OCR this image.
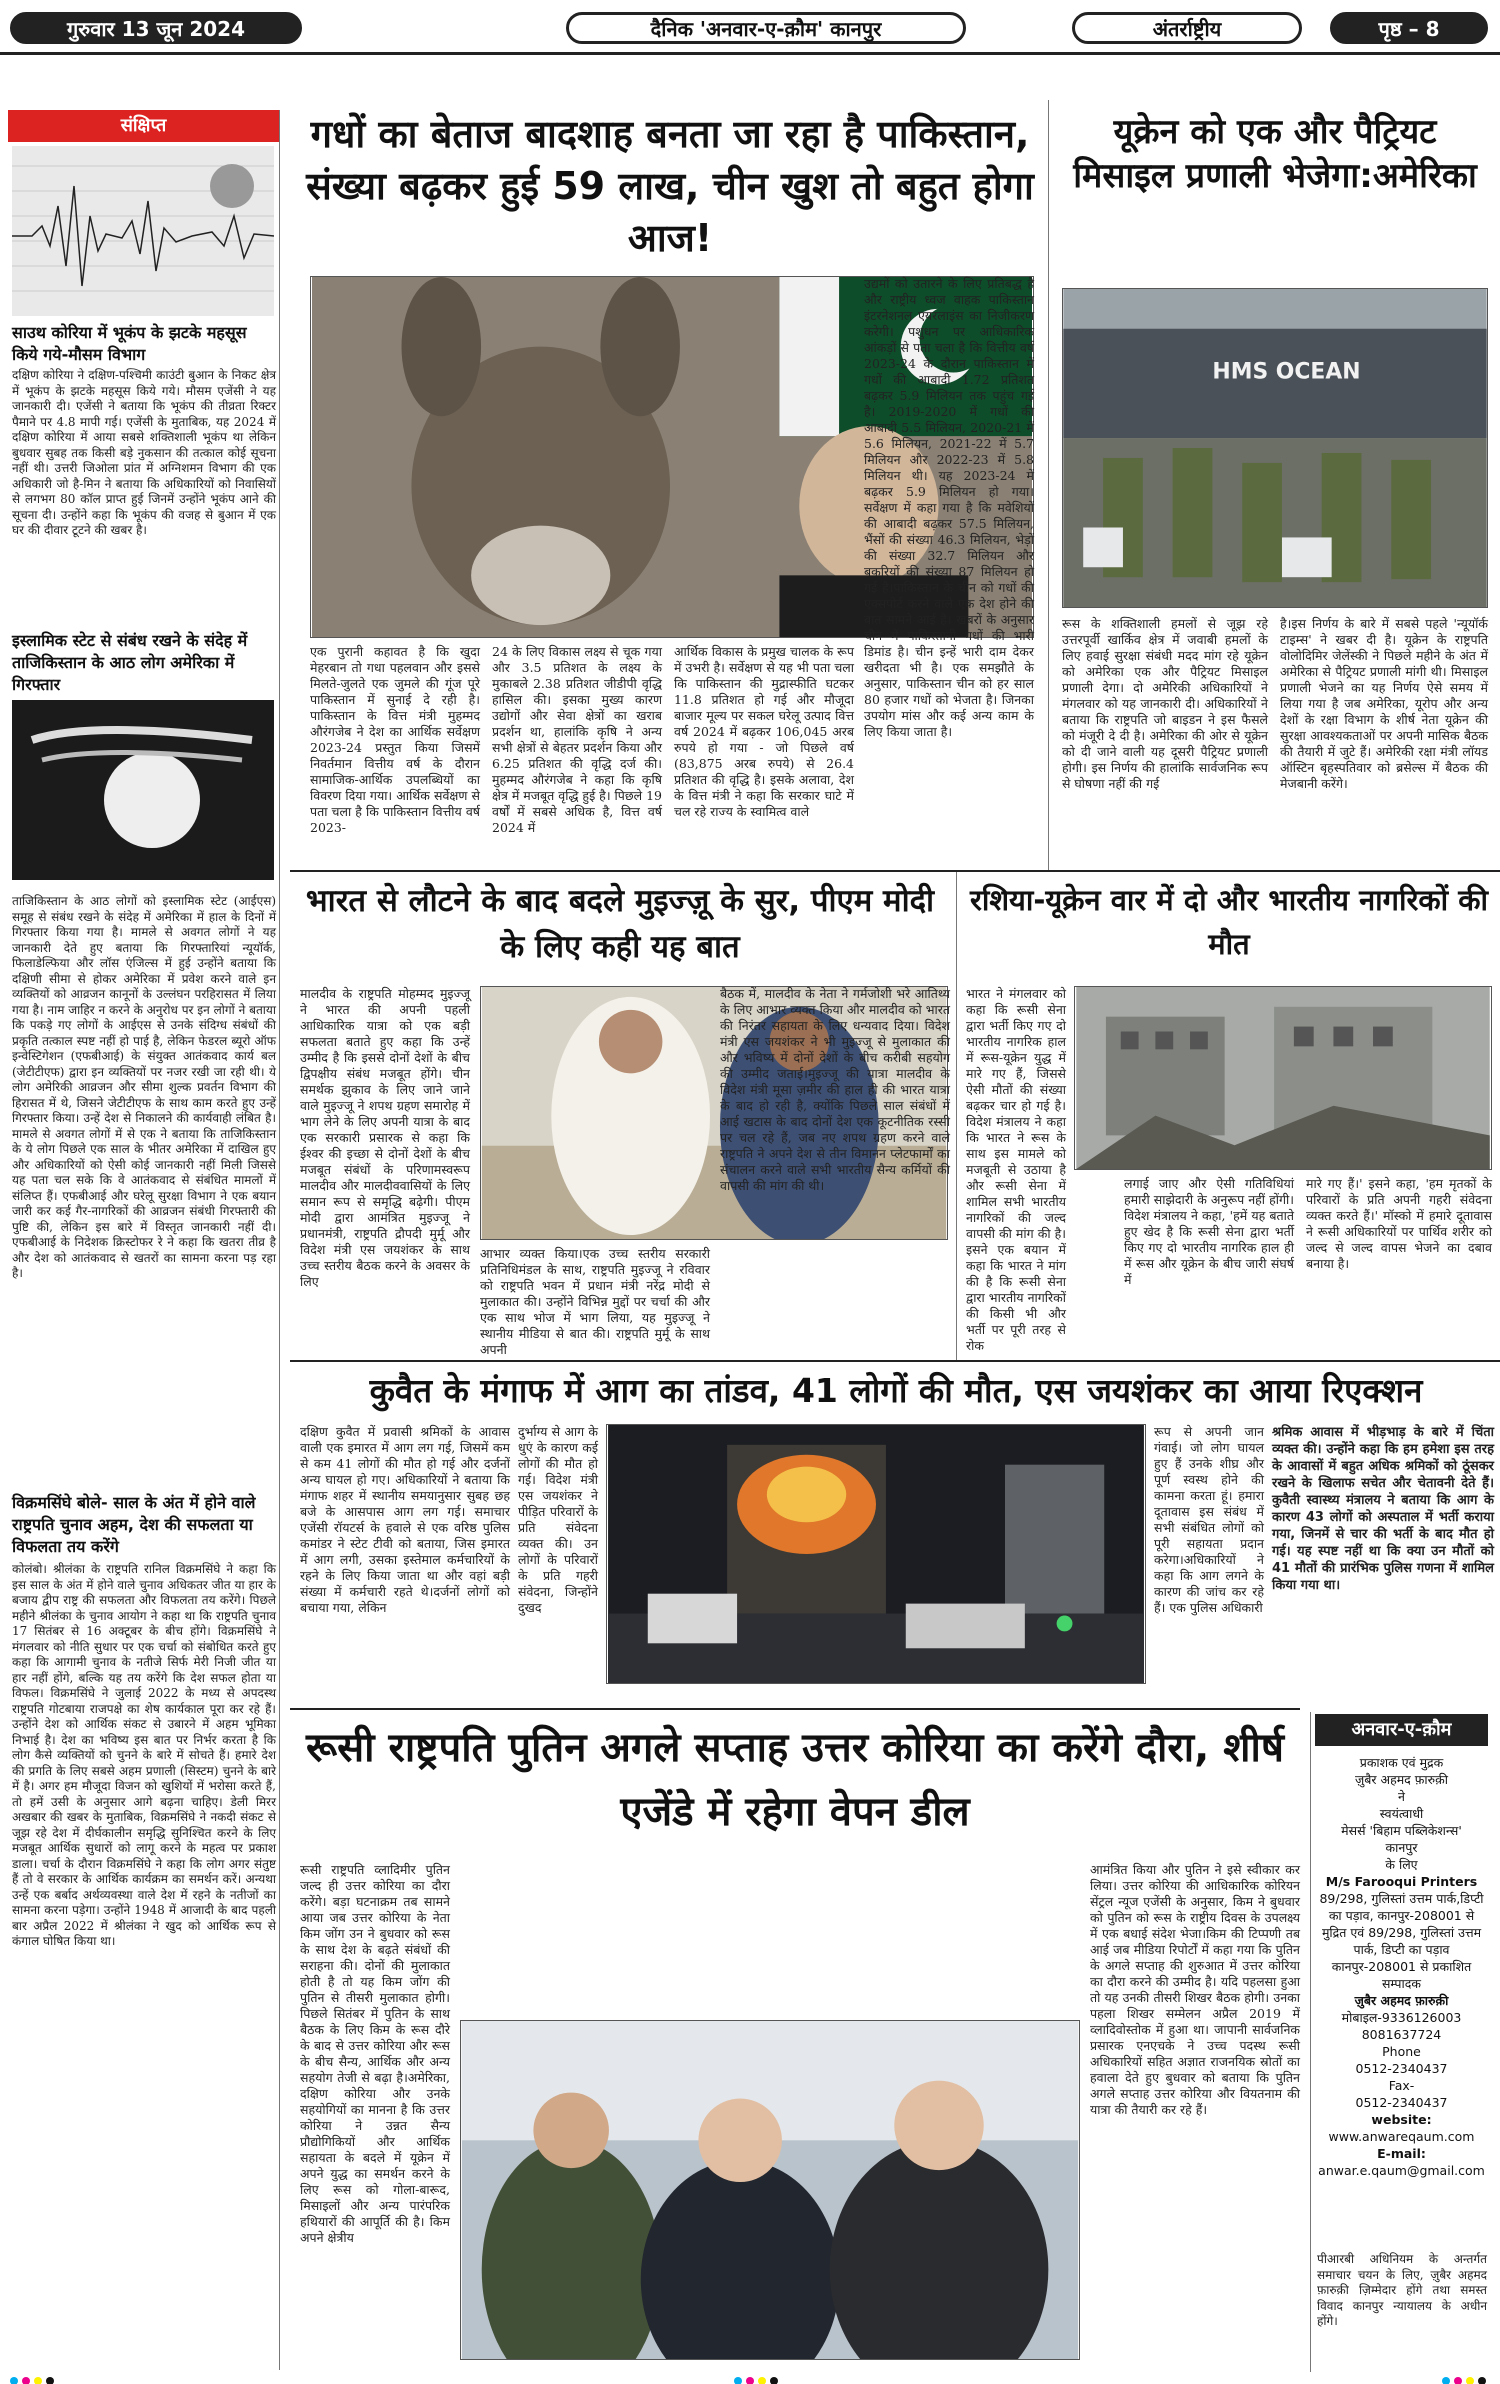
गुरुवार 13 जून 2024	दैनिक 'अनवार-ए-क़ौम' कानपुर	अंतर्राष्ट्रीय	पृष्ठ – 8
संक्षिप्त
साउथ कोरिया में भूकंप के झटके महसूस किये गये-मौसम विभाग
दक्षिण कोरिया ने दक्षिण-पश्चिमी काउंटी बुआन के निकट क्षेत्र में भूकंप के झटके महसूस किये गये। मौसम एजेंसी ने यह जानकारी दी। एजेंसी ने बताया कि भूकंप की तीव्रता रिक्टर पैमाने पर 4.8 मापी गई। एजेंसी के मुताबिक, यह 2024 में दक्षिण कोरिया में आया सबसे शक्तिशाली भूकंप था लेकिन बुधवार सुबह तक किसी बड़े नुकसान की तत्काल कोई सूचना नहीं थी। उत्तरी जिओला प्रांत में अग्निशमन विभाग की एक अधिकारी जो है-मिन ने बताया कि अधिकारियों को निवासियों से लगभग 80 कॉल प्राप्त हुई जिनमें उन्होंने भूकंप आने की सूचना दी। उन्होंने कहा कि भूकंप की वजह से बुआन में एक घर की दीवार टूटने की खबर है।
इस्लामिक स्टेट से संबंध रखने के संदेह में ताजिकिस्तान के आठ लोग अमेरिका में गिरफ्तार
ताजिकिस्तान के आठ लोगों को इस्लामिक स्टेट (आईएस) समूह से संबंध रखने के संदेह में अमेरिका में हाल के दिनों में गिरफ्तार किया गया है। मामले से अवगत लोगों ने यह जानकारी देते हुए बताया कि गिरफ्तारियां न्यूयॉर्क, फिलाडेल्फिया और लॉस एंजिल्स में हुई उन्होंने बताया कि दक्षिणी सीमा से होकर अमेरिका में प्रवेश करने वाले इन व्यक्तियों को आव्रजन कानूनों के उल्लंघन परहिरासत में लिया गया है। नाम जाहिर न करने के अनुरोध पर इन लोगों ने बताया कि पकड़े गए लोगों के आईएस से उनके संदिग्ध संबंधों की प्रकृति तत्काल स्पष्ट नहीं हो पाई है, लेकिन फेडरल ब्यूरो ऑफ इन्वेस्टिगेशन (एफबीआई) के संयुक्त आतंकवाद कार्य बल (जेटीटीएफ) द्वारा इन व्यक्तियों पर नजर रखी जा रही थी। ये लोग अमेरिकी आव्रजन और सीमा शुल्क प्रवर्तन विभाग की हिरासत में थे, जिसने जेटीटीएफ के साथ काम करते हुए उन्हें गिरफ्तार किया। उन्हें देश से निकालने की कार्यवाही लंबित है। मामले से अवगत लोगों में से एक ने बताया कि ताजिकिस्तान के ये लोग पिछले एक साल के भीतर अमेरिका में दाखिल हुए और अधिकारियों को ऐसी कोई जानकारी नहीं मिली जिससे यह पता चल सके कि वे आतंकवाद से संबंधित मामलों में संलिप्त हैं। एफबीआई और घरेलू सुरक्षा विभाग ने एक बयान जारी कर कई गैर-नागरिकों की आव्रजन संबंधी गिरफ्तारी की पुष्टि की, लेकिन इस बारे में विस्तृत जानकारी नहीं दी। एफबीआई के निदेशक क्रिस्टोफर रे ने कहा कि खतरा तीव्र है और देश को आतंकवाद से खतरों का सामना करना पड़ रहा है।
विक्रमसिंघे बोले- साल के अंत में होने वाले राष्ट्रपति चुनाव अहम, देश की सफलता या विफलता तय करेंगे
कोलंबो। श्रीलंका के राष्ट्रपति रानिल विक्रमसिंघे ने कहा कि इस साल के अंत में होने वाले चुनाव अधिकतर जीत या हार के बजाय द्वीप राष्ट्र की सफलता और विफलता तय करेंगे। पिछले महीने श्रीलंका के चुनाव आयोग ने कहा था कि राष्ट्रपति चुनाव 17 सितंबर से 16 अक्टूबर के बीच होंगे। विक्रमसिंघे ने मंगलवार को नीति सुधार पर एक चर्चा को संबोधित करते हुए कहा कि आगामी चुनाव के नतीजे सिर्फ मेरी निजी जीत या हार नहीं होंगे, बल्कि यह तय करेंगे कि देश सफल होता या विफल। विक्रमसिंघे ने जुलाई 2022 के मध्य से अपदस्थ राष्ट्रपति गोटबाया राजपक्षे का शेष कार्यकाल पूरा कर रहे हैं। उन्होंने देश को आर्थिक संकट से उबारने में अहम भूमिका निभाई है। देश का भविष्य इस बात पर निर्भर करता है कि लोग कैसे व्यक्तियों को चुनने के बारे में सोचते हैं। हमारे देश की प्रगति के लिए सबसे अहम प्रणाली (सिस्टम) चुनने के बारे में है। अगर हम मौजूदा विजन को खुशियों में भरोसा करते हैं, तो हमें उसी के अनुसार आगे बढ़ना चाहिए। डेली मिरर अखबार की खबर के मुताबिक, विक्रमसिंघे ने नकदी संकट से जूझ रहे देश में दीर्घकालीन समृद्धि सुनिश्चित करने के लिए मजबूत आर्थिक सुधारों को लागू करने के महत्व पर प्रकाश डाला। चर्चा के दौरान विक्रमसिंघे ने कहा कि लोग अगर संतुष्ट हैं तो वे सरकार के आर्थिक कार्यक्रम का समर्थन करें। अन्यथा उन्हें एक बर्बाद अर्थव्यवस्था वाले देश में रहने के नतीजों का सामना करना पड़ेगा। उन्होंने 1948 में आजादी के बाद पहली बार अप्रैल 2022 में श्रीलंका ने खुद को आर्थिक रूप से कंगाल घोषित किया था।
गधों का बेताज बादशाह बनता जा रहा है पाकिस्तान, संख्या बढ़कर हुई 59 लाख, चीन खुश तो बहुत होगा आज!
एक पुरानी कहावत है कि खुदा मेहरबान तो गधा पहलवान और इससे मिलते-जुलते एक जुमले की गूंज पूरे पाकिस्तान में सुनाई दे रही है। पाकिस्तान के वित्त मंत्री मुहम्मद औरंगजेब ने देश का आर्थिक सर्वेक्षण 2023-24 प्रस्तुत किया जिसमें निवर्तमान वित्तीय वर्ष के दौरान सामाजिक-आर्थिक उपलब्धियों का विवरण दिया गया। आर्थिक सर्वेक्षण से पता चला है कि पाकिस्तान वित्तीय वर्ष 2023-
24 के लिए विकास लक्ष्य से चूक गया और 3.5 प्रतिशत के लक्ष्य के मुकाबले 2.38 प्रतिशत जीडीपी वृद्धि हासिल की। इसका मुख्य कारण उद्योगों और सेवा क्षेत्रों का खराब प्रदर्शन था, हालांकि कृषि ने अन्य सभी क्षेत्रों से बेहतर प्रदर्शन किया और 6.25 प्रतिशत की वृद्धि दर्ज की।मुहम्मद औरंगजेब ने कहा कि कृषि क्षेत्र में मजबूत वृद्धि हुई है। पिछले 19 वर्षों में सबसे अधिक है, वित्त वर्ष 2024 में
आर्थिक विकास के प्रमुख चालक के रूप में उभरी है। सर्वेक्षण से यह भी पता चला कि पाकिस्तान की मुद्रास्फीति घटकर 11.8 प्रतिशत हो गई और मौजूदा बाजार मूल्य पर सकल घरेलू उत्पाद वित्त वर्ष 2024 में बढ़कर 106,045 अरब रुपये हो गया - जो पिछले वर्ष (83,875 अरब रुपये) से 26.4 प्रतिशत की वृद्धि है। इसके अलावा, देश के वित्त मंत्री ने कहा कि सरकार घाटे में चल रहे राज्य के स्वामित्व वाले
उद्यमों को उतारने के लिए प्रतिबद्ध है और राष्ट्रीय ध्वज वाहक पाकिस्तान इंटरनेशनल एयरलाइंस का निजीकरण करेगी। पशुधन पर आधिकारिक आंकड़ों से पता चला है कि वित्तीय वर्ष 2023-24 के दौरान पाकिस्तान में गधों की आबादी 1.72 प्रतिशत बढ़कर 5.9 मिलियन तक पहुंच गई है। 2019-2020 में गधों की आबादी 5.5 मिलियन, 2020-21 में 5.6 मिलियन, 2021-22 में 5.7 मिलियन और 2022-23 में 5.8 मिलियन थी। यह 2023-24 में बढ़कर 5.9 मिलियन हो गया। सर्वेक्षण में कहा गया है कि मवेशियों की आबादी बढ़कर 57.5 मिलियन, भैंसों की संख्या 46.3 मिलियन, भेड़ों की संख्या 32.7 मिलियन और बकरियों की संख्या 87 मिलियन हो गई है।पाकिस्तान के चीन को गधों की एक्सपोर्ट करने वाले एक देश होने की बात सामने आई है। खबरों के अनुसार चीन में पाकिस्तानी गधों की भारी डिमांड है। चीन इन्हें भारी दाम देकर खरीदता भी है। एक समझौते के अनुसार, पाकिस्तान चीन को हर साल 80 हजार गधों को भेजता है। जिनका उपयोग मांस और कई अन्य काम के लिए किया जाता है।
यूक्रेन को एक और पैट्रियट मिसाइल प्रणाली भेजेगा:अमेरिका
HMS OCEAN
रूस के शक्तिशाली हमलों से जूझ रहे उत्तरपूर्वी खार्किव क्षेत्र में जवाबी हमलों के लिए हवाई सुरक्षा संबंधी मदद मांग रहे यूक्रेन को अमेरिका एक और पैट्रियट मिसाइल प्रणाली देगा। दो अमेरिकी अधिकारियों ने मंगलवार को यह जानकारी दी। अधिकारियों ने बताया कि राष्ट्रपति जो बाइडन ने इस फैसले को मंजूरी दे दी है। अमेरिका की ओर से यूक्रेन को दी जाने वाली यह दूसरी पैट्रियट प्रणाली होगी। इस निर्णय की हालांकि सार्वजनिक रूप से घोषणा नहीं की गई
है।इस निर्णय के बारे में सबसे पहले 'न्यूयॉर्क टाइम्स' ने खबर दी है। यूक्रेन के राष्ट्रपति वोलोदिमिर जेलेंस्की ने पिछले महीने के अंत में अमेरिका से पैट्रियट प्रणाली मांगी थी। मिसाइल प्रणाली भेजने का यह निर्णय ऐसे समय में लिया गया है जब अमेरिका, यूरोप और अन्य देशों के रक्षा विभाग के शीर्ष नेता यूक्रेन की सुरक्षा आवश्यकताओं पर अपनी मासिक बैठक की तैयारी में जुटे हैं। अमेरिकी रक्षा मंत्री लॉयड ऑस्टिन बृहस्पतिवार को ब्रसेल्स में बैठक की मेजबानी करेंगे।
भारत से लौटने के बाद बदले मुइज्ज़ू के सुर, पीएम मोदी के लिए कही यह बात
मालदीव के राष्ट्रपति मोहम्मद मुइज्जू ने भारत की अपनी पहली आधिकारिक यात्रा को एक बड़ी सफलता बताते हुए कहा कि उन्हें उम्मीद है कि इससे दोनों देशों के बीच द्विपक्षीय संबंध मजबूत होंगे। चीन समर्थक झुकाव के लिए जाने जाने वाले मुइज्जू ने शपथ ग्रहण समारोह में भाग लेने के लिए अपनी यात्रा के बाद एक सरकारी प्रसारक से कहा कि ईश्वर की इच्छा से दोनों देशों के बीच मजबूत संबंधों के परिणामस्वरूप मालदीव और मालदीववासियों के लिए समान रूप से समृद्धि बढ़ेगी। पीएम मोदी द्वारा आमंत्रित मुइज्जू ने प्रधानमंत्री, राष्ट्रपति द्रौपदी मुर्मू और विदेश मंत्री एस जयशंकर के साथ उच्च स्तरीय बैठक करने के अवसर के लिए
आभार व्यक्त किया।एक उच्च स्तरीय सरकारी प्रतिनिधिमंडल के साथ, राष्ट्रपति मुइज्जू ने रविवार को राष्ट्रपति भवन में प्रधान मंत्री नरेंद्र मोदी से मुलाकात की। उन्होंने विभिन्न मुद्दों पर चर्चा की और एक साथ भोज में भाग लिया, यह मुइज्जू ने स्थानीय मीडिया से बात की। राष्ट्रपति मुर्मू के साथ अपनी
बैठक में, मालदीव के नेता ने गर्मजोशी भरे आतिथ्य के लिए आभार व्यक्त किया और मालदीव को भारत की निरंतर सहायता के लिए धन्यवाद दिया। विदेश मंत्री एस जयशंकर ने भी मुइज्जू से मुलाकात की और भविष्य में दोनों देशों के बीच करीबी सहयोग की उम्मीद जताई।मुइज्जू की यात्रा मालदीव के विदेश मंत्री मूसा ज़मीर की हाल ही की भारत यात्रा के बाद हो रही है, क्योंकि पिछले साल संबंधों में आई खटास के बाद दोनों देश एक कूटनीतिक रस्सी पर चल रहे हैं, जब नए शपथ ग्रहण करने वाले राष्ट्रपति ने अपने देश से तीन विमानन प्लेटफार्मों का संचालन करने वाले सभी भारतीय सैन्य कर्मियों की वापसी की मांग की थी।
रशिया-यूक्रेन वार में दो और भारतीय नागरिकों की मौत
भारत ने मंगलवार को कहा कि रूसी सेना द्वारा भर्ती किए गए दो भारतीय नागरिक हाल में रूस-यूक्रेन युद्ध में मारे गए हैं, जिससे ऐसी मौतों की संख्या बढ़कर चार हो गई है। विदेश मंत्रालय ने कहा कि भारत ने रूस के साथ इस मामले को मजबूती से उठाया है और रूसी सेना में शामिल सभी भारतीय नागरिकों की जल्द वापसी की मांग की है। इसने एक बयान में कहा कि भारत ने मांग की है कि रूसी सेना द्वारा भारतीय नागरिकों की किसी भी और भर्ती पर पूरी तरह से रोक
लगाई जाए और ऐसी गतिविधियां हमारी साझेदारी के अनुरूप नहीं होंगी।विदेश मंत्रालय ने कहा, 'हमें यह बताते हुए खेद है कि रूसी सेना द्वारा भर्ती किए गए दो भारतीय नागरिक हाल ही में रूस और यूक्रेन के बीच जारी संघर्ष में
मारे गए हैं।' इसने कहा, 'हम मृतकों के परिवारों के प्रति अपनी गहरी संवेदना व्यक्त करते हैं।' मॉस्को में हमारे दूतावास ने रूसी अधिकारियों पर पार्थिव शरीर को जल्द से जल्द वापस भेजने का दबाव बनाया है।
कुवैत के मंगाफ में आग का तांडव, 41 लोगों की मौत, एस जयशंकर का आया रिएक्शन
दक्षिण कुवैत में प्रवासी श्रमिकों के आवास वाली एक इमारत में आग लग गई, जिसमें कम से कम 41 लोगों की मौत हो गई और दर्जनों अन्य घायल हो गए। अधिकारियों ने बताया कि मंगाफ शहर में स्थानीय समयानुसार सुबह छह बजे के आसपास आग लग गई। समाचार एजेंसी रॉयटर्स के हवाले से एक वरिष्ठ पुलिस कमांडर ने स्टेट टीवी को बताया, जिस इमारत में आग लगी, उसका इस्तेमाल कर्मचारियों के रहने के लिए किया जाता था और वहां बड़ी संख्या में कर्मचारी रहते थे।दर्जनों लोगों को बचाया गया, लेकिन
दुर्भाग्य से आग के धुएं के कारण कई लोगों की मौत हो गई। विदेश मंत्री एस जयशंकर ने पीड़ित परिवारों के प्रति संवेदना व्यक्त की। उन लोगों के परिवारों के प्रति गहरी संवेदना, जिन्होंने दुखद
रूप से अपनी जान गंवाई। जो लोग घायल हुए हैं उनके शीघ्र और पूर्ण स्वस्थ होने की कामना करता हूं। हमारा दूतावास इस संबंध में सभी संबंधित लोगों को पूरी सहायता प्रदान करेगा।अधिकारियों ने कहा कि आग लगने के कारण की जांच कर रहे हैं। एक पुलिस अधिकारी
श्रमिक आवास में भीड़भाड़ के बारे में चिंता व्यक्त की। उन्होंने कहा कि हम हमेशा इस तरह के आवासों में बहुत अधिक श्रमिकों को ठूंसकर रखने के खिलाफ सचेत और चेतावनी देते हैं। कुवैती स्वास्थ्य मंत्रालय ने बताया कि आग के कारण 43 लोगों को अस्पताल में भर्ती कराया गया, जिनमें से चार की भर्ती के बाद मौत हो गई। यह स्पष्ट नहीं था कि क्या उन मौतों को 41 मौतों की प्रारंभिक पुलिस गणना में शामिल किया गया था।
रूसी राष्ट्रपति पुतिन अगले सप्ताह उत्तर कोरिया का करेंगे दौरा, शीर्ष एजेंडे में रहेगा वेपन डील
रूसी राष्ट्रपति व्लादिमीर पुतिन जल्द ही उत्तर कोरिया का दौरा करेंगे। बड़ा घटनाक्रम तब सामने आया जब उत्तर कोरिया के नेता किम जोंग उन ने बुधवार को रूस के साथ देश के बढ़ते संबंधों की सराहना की। दोनों की मुलाकात होती है तो यह किम जोंग की पुतिन से तीसरी मुलाकात होगी। पिछले सितंबर में पुतिन के साथ बैठक के लिए किम के रूस दौरे के बाद से उत्तर कोरिया और रूस के बीच सैन्य, आर्थिक और अन्य सहयोग तेजी से बढ़ा है।अमेरिका, दक्षिण कोरिया और उनके सहयोगियों का मानना है कि उत्तर कोरिया ने उन्नत सैन्य प्रौद्योगिकियों और आर्थिक सहायता के बदले में यूक्रेन में अपने युद्ध का समर्थन करने के लिए रूस को गोला-बारूद, मिसाइलों और अन्य पारंपरिक हथियारों की आपूर्ति की है। किम अपने क्षेत्रीय
आमंत्रित किया और पुतिन ने इसे स्वीकार कर लिया। उत्तर कोरिया की आधिकारिक कोरियन सेंट्रल न्यूज एजेंसी के अनुसार, किम ने बुधवार को पुतिन को रूस के राष्ट्रीय दिवस के उपलक्ष्य में एक बधाई संदेश भेजा।किम की टिप्पणी तब आई जब मीडिया रिपोर्टों में कहा गया कि पुतिन के अगले सप्ताह की शुरुआत में उत्तर कोरिया का दौरा करने की उम्मीद है। यदि पहलसा हुआ तो यह उनकी तीसरी शिखर बैठक होगी। उनका पहला शिखर सम्मेलन अप्रैल 2019 में व्लादिवोस्तोक में हुआ था। जापानी सार्वजनिक प्रसारक एनएचके ने उच्च पदस्थ रूसी अधिकारियों सहित अज्ञात राजनयिक स्रोतों का हवाला देते हुए बुधवार को बताया कि पुतिन अगले सप्ताह उत्तर कोरिया और वियतनाम की यात्रा की तैयारी कर रहे हैं।
अनवार-ए-क़ौम
प्रकाशक एवं मुद्रक
ज़ुबैर अहमद फ़ारुक़ी
ने
स्वयंत्वाधी
मेसर्स 'बिहाम पब्लिकेशन्स'
कानपुर
के लिए
M/s Farooqui Printers
89/298, गुलिस्तां उत्तम पार्क,डिप्टी का पड़ाव, कानपुर-208001 से
मुद्रित एवं 89/298, गुलिस्तां उत्तम पार्क, डिप्टी का पड़ाव कानपुर-208001 से प्रकाशित
सम्पादक
ज़ुबैर अहमद फ़ारुक़ी
मोबाइल-9336126003
8081637724
Phone
0512-2340437
Fax-
0512-2340437
website:
www.anwareqaum.com
E-mail:
anwar.e.qaum@gmail.com
पीआरबी अधिनियम के अन्तर्गत समाचार चयन के लिए, ज़ुबैर अहमद फ़ारुक़ी ज़िम्मेदार होंगे तथा समस्त विवाद कानपुर न्यायालय के अधीन होंगे।
